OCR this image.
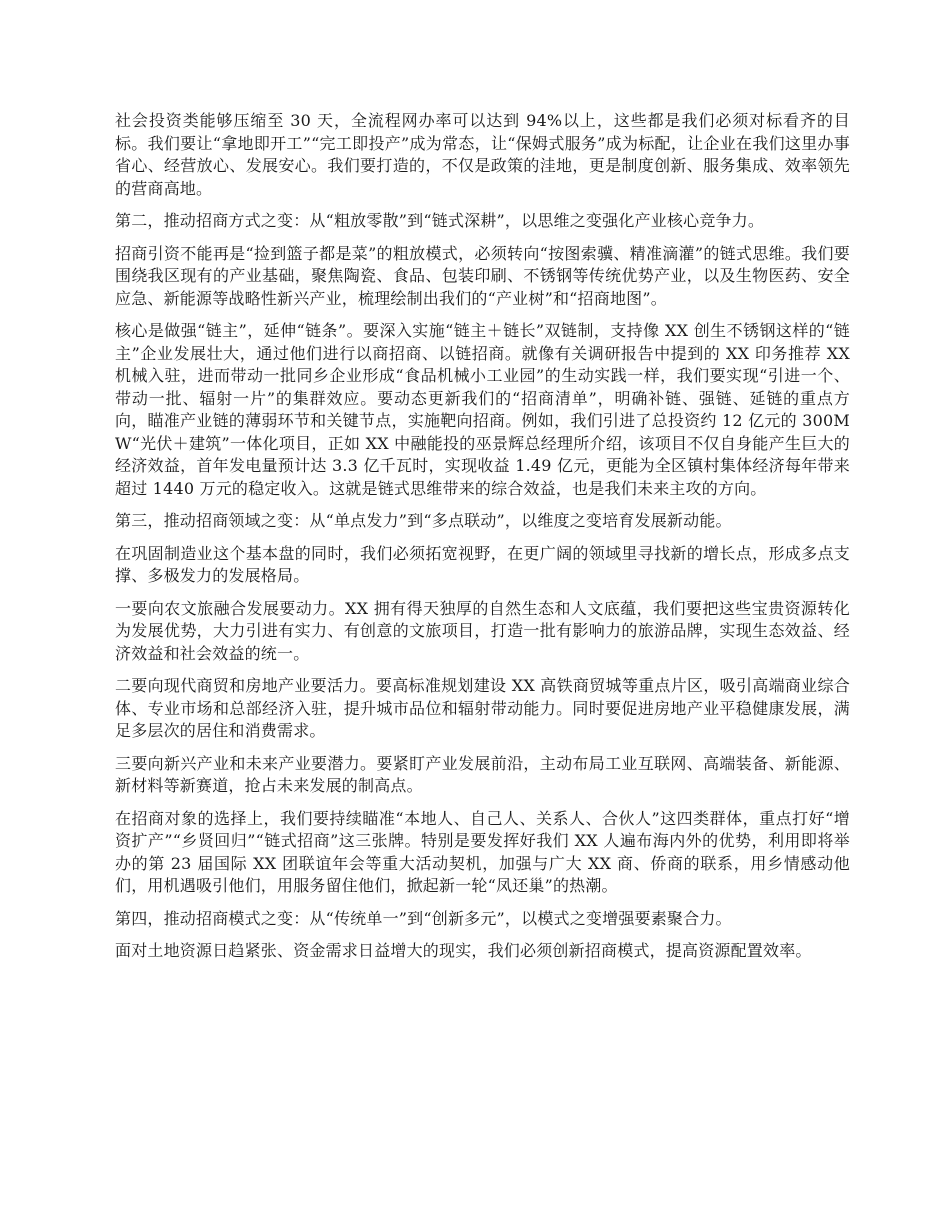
社会投资类能够压缩至 30 天，全流程网办率可以达到 94%以上，这些都是我们必须对标看齐的目标。我们要让“拿地即开工”“完工即投产”成为常态，让“保姆式服务”成为标配，让企业在我们这里办事省心、经营放心、发展安心。我们要打造的，不仅是政策的洼地，更是制度创新、服务集成、效率领先的营商高地。

第二，推动招商方式之变：从“粗放零散”到“链式深耕”，以思维之变强化产业核心竞争力。

招商引资不能再是“捡到篮子都是菜”的粗放模式，必须转向“按图索骥、精准滴灌”的链式思维。我们要围绕我区现有的产业基础，聚焦陶瓷、食品、包装印刷、不锈钢等传统优势产业，以及生物医药、安全应急、新能源等战略性新兴产业，梳理绘制出我们的“产业树”和“招商地图”。

核心是做强“链主”，延伸“链条”。要深入实施“链主＋链长”双链制，支持像 XX 创生不锈钢这样的“链主”企业发展壮大，通过他们进行以商招商、以链招商。就像有关调研报告中提到的 XX 印务推荐 XX 机械入驻，进而带动一批同乡企业形成“食品机械小工业园”的生动实践一样，我们要实现“引进一个、带动一批、辐射一片”的集群效应。要动态更新我们的“招商清单”，明确补链、强链、延链的重点方向，瞄准产业链的薄弱环节和关键节点，实施靶向招商。例如，我们引进了总投资约 12 亿元的 300MW“光伏＋建筑”一体化项目，正如 XX 中融能投的巫景辉总经理所介绍，该项目不仅自身能产生巨大的经济效益，首年发电量预计达 3.3 亿千瓦时，实现收益 1.49 亿元，更能为全区镇村集体经济每年带来超过 1440 万元的稳定收入。这就是链式思维带来的综合效益，也是我们未来主攻的方向。

第三，推动招商领域之变：从“单点发力”到“多点联动”，以维度之变培育发展新动能。

在巩固制造业这个基本盘的同时，我们必须拓宽视野，在更广阔的领域里寻找新的增长点，形成多点支撑、多极发力的发展格局。

一要向农文旅融合发展要动力。XX 拥有得天独厚的自然生态和人文底蕴，我们要把这些宝贵资源转化为发展优势，大力引进有实力、有创意的文旅项目，打造一批有影响力的旅游品牌，实现生态效益、经济效益和社会效益的统一。

二要向现代商贸和房地产业要活力。要高标准规划建设 XX 高铁商贸城等重点片区，吸引高端商业综合体、专业市场和总部经济入驻，提升城市品位和辐射带动能力。同时要促进房地产业平稳健康发展，满足多层次的居住和消费需求。

三要向新兴产业和未来产业要潜力。要紧盯产业发展前沿，主动布局工业互联网、高端装备、新能源、新材料等新赛道，抢占未来发展的制高点。

在招商对象的选择上，我们要持续瞄准“本地人、自己人、关系人、合伙人”这四类群体，重点打好“增资扩产”“乡贤回归”“链式招商”这三张牌。特别是要发挥好我们 XX 人遍布海内外的优势，利用即将举办的第 23 届国际 XX 团联谊年会等重大活动契机，加强与广大 XX 商、侨商的联系，用乡情感动他们，用机遇吸引他们，用服务留住他们，掀起新一轮“凤还巢”的热潮。

第四，推动招商模式之变：从“传统单一”到“创新多元”，以模式之变增强要素聚合力。

面对土地资源日趋紧张、资金需求日益增大的现实，我们必须创新招商模式，提高资源配置效率。
